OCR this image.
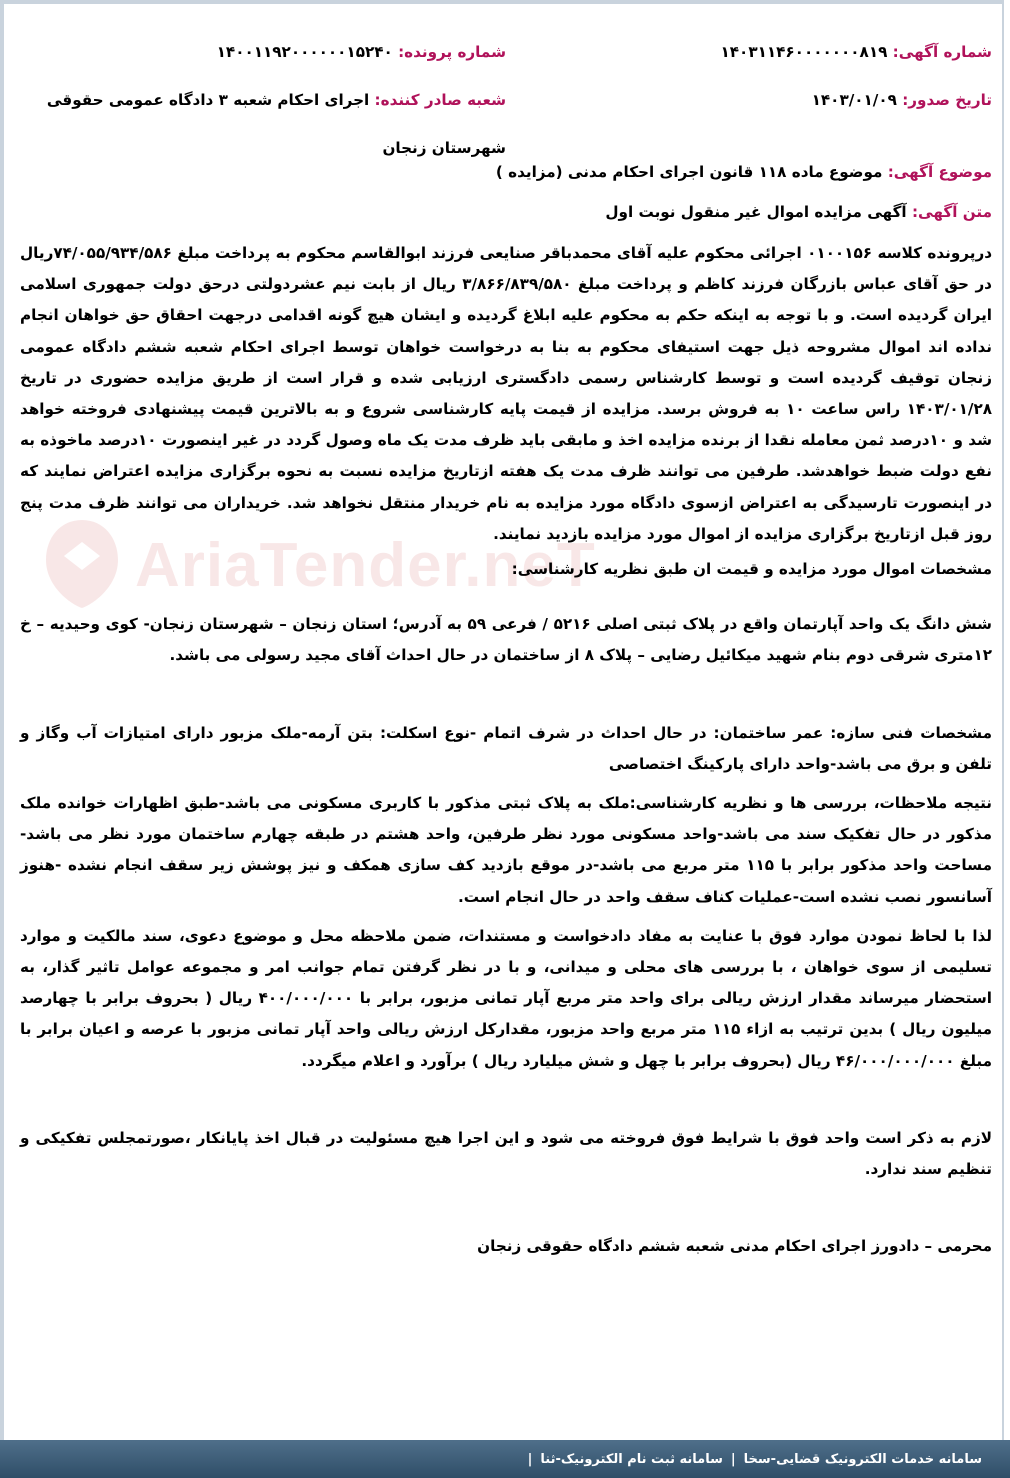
AriaTender.neT
شماره آگهی: ۱۴۰۳۱۱۴۶۰۰۰۰۰۰۰۸۱۹
شماره پرونده: ۱۴۰۰۱۱۹۲۰۰۰۰۰۰۱۵۲۴۰
تاریخ صدور: ۱۴۰۳/۰۱/۰۹
شعبه صادر کننده: اجرای احکام شعبه ۳ دادگاه عمومی حقوقی شهرستان زنجان
موضوع آگهی: موضوع ماده ۱۱۸ قانون اجرای احکام مدنی (مزایده )
متن آگهی: آگهی مزایده اموال غیر منقول نوبت اول

درپرونده کلاسه ۰۱۰۰۱۵۶ اجرائی محکوم علیه آقای محمدباقر صنایعی فرزند ابوالقاسم محکوم به پرداخت مبلغ ۷۴/۰۵۵/۹۳۴/۵۸۶ریال در حق آقای عباس بازرگان فرزند کاظم و پرداخت مبلغ ۳/۸۶۶/۸۳۹/۵۸۰ ریال از بابت نیم عشردولتی درحق دولت جمهوری اسلامی ایران گردیده است. و با توجه به اینکه حکم به محکوم علیه ابلاغ گردیده و ایشان هیچ گونه اقدامی درجهت احقاق حق خواهان انجام نداده اند اموال مشروحه ذیل جهت استیفای محکوم به بنا به درخواست خواهان توسط اجرای احکام شعبه ششم دادگاه عمومی زنجان توقیف گردیده است و توسط کارشناس رسمی دادگستری ارزیابی شده و قرار است از طریق مزایده حضوری در تاریخ ۱۴۰۳/۰۱/۲۸ راس ساعت ۱۰ به فروش برسد. مزایده از قیمت پایه کارشناسی شروع و به بالاترین قیمت پیشنهادی فروخته خواهد شد و ۱۰درصد ثمن معامله نقدا از برنده مزایده اخذ و مابقی باید ظرف مدت یک ماه وصول گردد در غیر اینصورت ۱۰درصد ماخوذه به نفع دولت ضبط خواهدشد. طرفین می توانند ظرف مدت یک هفته ازتاریخ مزایده نسبت به نحوه برگزاری مزایده اعتراض نمایند که در اینصورت تارسیدگی به اعتراض ازسوی دادگاه مورد مزایده به نام خریدار منتقل نخواهد شد. خریداران می توانند ظرف مدت پنج روز قبل ازتاریخ برگزاری مزایده از اموال مورد مزایده بازدید نمایند.

مشخصات اموال مورد مزایده و قیمت ان طبق نظریه کارشناسی:

شش دانگ یک واحد آپارتمان واقع در پلاک ثبتی اصلی ۵۲۱۶ / فرعی ۵۹ به آدرس؛ استان زنجان – شهرستان زنجان- کوی وحیدیه – خ ۱۲متری شرقی دوم بنام شهید میکائیل رضایی – پلاک ۸ از ساختمان در حال احداث آقای مجید رسولی می باشد.

مشخصات فنی سازه: عمر ساختمان: در حال احداث در شرف اتمام -نوع اسکلت: بتن آرمه-ملک مزبور دارای امتیازات آب وگاز و تلفن و برق می باشد-واحد دارای پارکینگ اختصاصی

نتیجه ملاحظات، بررسی ها و نظریه کارشناسی:ملک به پلاک ثبتی مذکور با کاربری مسکونی می باشد-طبق اظهارات خوانده ملک مذکور در حال تفکیک سند می باشد-واحد مسکونی مورد نظر طرفین، واحد هشتم در طبقه چهارم ساختمان مورد نظر می باشد-مساحت واحد مذکور برابر با ۱۱۵ متر مربع می باشد-در موقع بازدید کف سازی همکف و نیز پوشش زیر سقف انجام نشده -هنوز آسانسور نصب نشده است-عملیات کناف سقف واحد در حال انجام است.

لذا با لحاظ نمودن موارد فوق با عنایت به مفاد دادخواست و مستندات، ضمن ملاحظه محل و موضوع دعوی، سند مالکیت و موارد تسلیمی از سوی خواهان ، با بررسی های محلی و میدانی، و با در نظر گرفتن تمام جوانب امر و مجموعه عوامل تاثیر گذار، به استحضار میرساند مقدار ارزش ریالی برای واحد متر مربع آپار تمانی مزبور، برابر با ۴۰۰/۰۰۰/۰۰۰ ریال ( بحروف برابر با چهارصد میلیون ریال ) بدین ترتیب به ازاء ۱۱۵ متر مربع واحد مزبور، مقدارکل ارزش ریالی واحد آپار تمانی مزبور با عرصه و اعیان برابر با مبلغ ۴۶/۰۰۰/۰۰۰/۰۰۰ ریال (بحروف برابر با چهل و شش میلیارد ریال ) برآورد و اعلام میگردد.

لازم به ذکر است واحد فوق با شرایط فوق فروخته می شود و این اجرا هیچ مسئولیت در قبال اخذ پایانکار ،صورتمجلس تفکیکی و تنظیم سند ندارد.

محرمی – دادورز اجرای احکام مدنی شعبه ششم دادگاه حقوقی زنجان

سامانه خدمات الکترونیک قضایی-سخا
|
سامانه ثبت نام الکترونیک-ثنا
|
